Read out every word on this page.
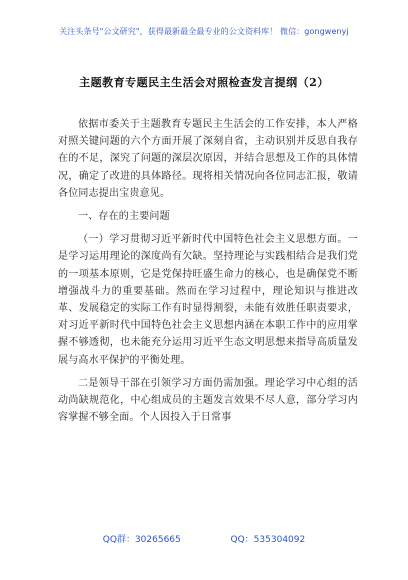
关注头条号"公文研究"，获得最新最全最专业的公文资料库！ 微信：gongwenyj
主题教育专题民主生活会对照检查发言提纲（2）

依据市委关于主题教育专题民主生活会的工作安排，本人严格对照关键问题的六个方面开展了深刻自省，主动识别并反思自我存在的不足，深究了问题的深层次原因，并结合思想及工作的具体情况，确定了改进的具体路径。现将相关情况向各位同志汇报，敬请各位同志提出宝贵意见。

一、存在的主要问题

（一）学习贯彻习近平新时代中国特色社会主义思想方面。一是学习运用理论的深度尚有欠缺。坚持理论与实践相结合是我们党的一项基本原则，它是党保持旺盛生命力的核心，也是确保党不断增强战斗力的重要基础。然而在学习过程中，理论知识与推进改革、发展稳定的实际工作有时显得割裂，未能有效胜任职责要求，对习近平新时代中国特色社会主义思想内涵在本职工作中的应用掌握不够透彻，也未能充分运用习近平生态文明思想来指导高质量发展与高水平保护的平衡处理。

二是领导干部在引领学习方面仍需加强。理论学习中心组的活动尚缺规范化，中心组成员的主题发言效果不尽人意，部分学习内容掌握不够全面。个人因投入于日常事

QQ群：30265665	QQ：535304092
